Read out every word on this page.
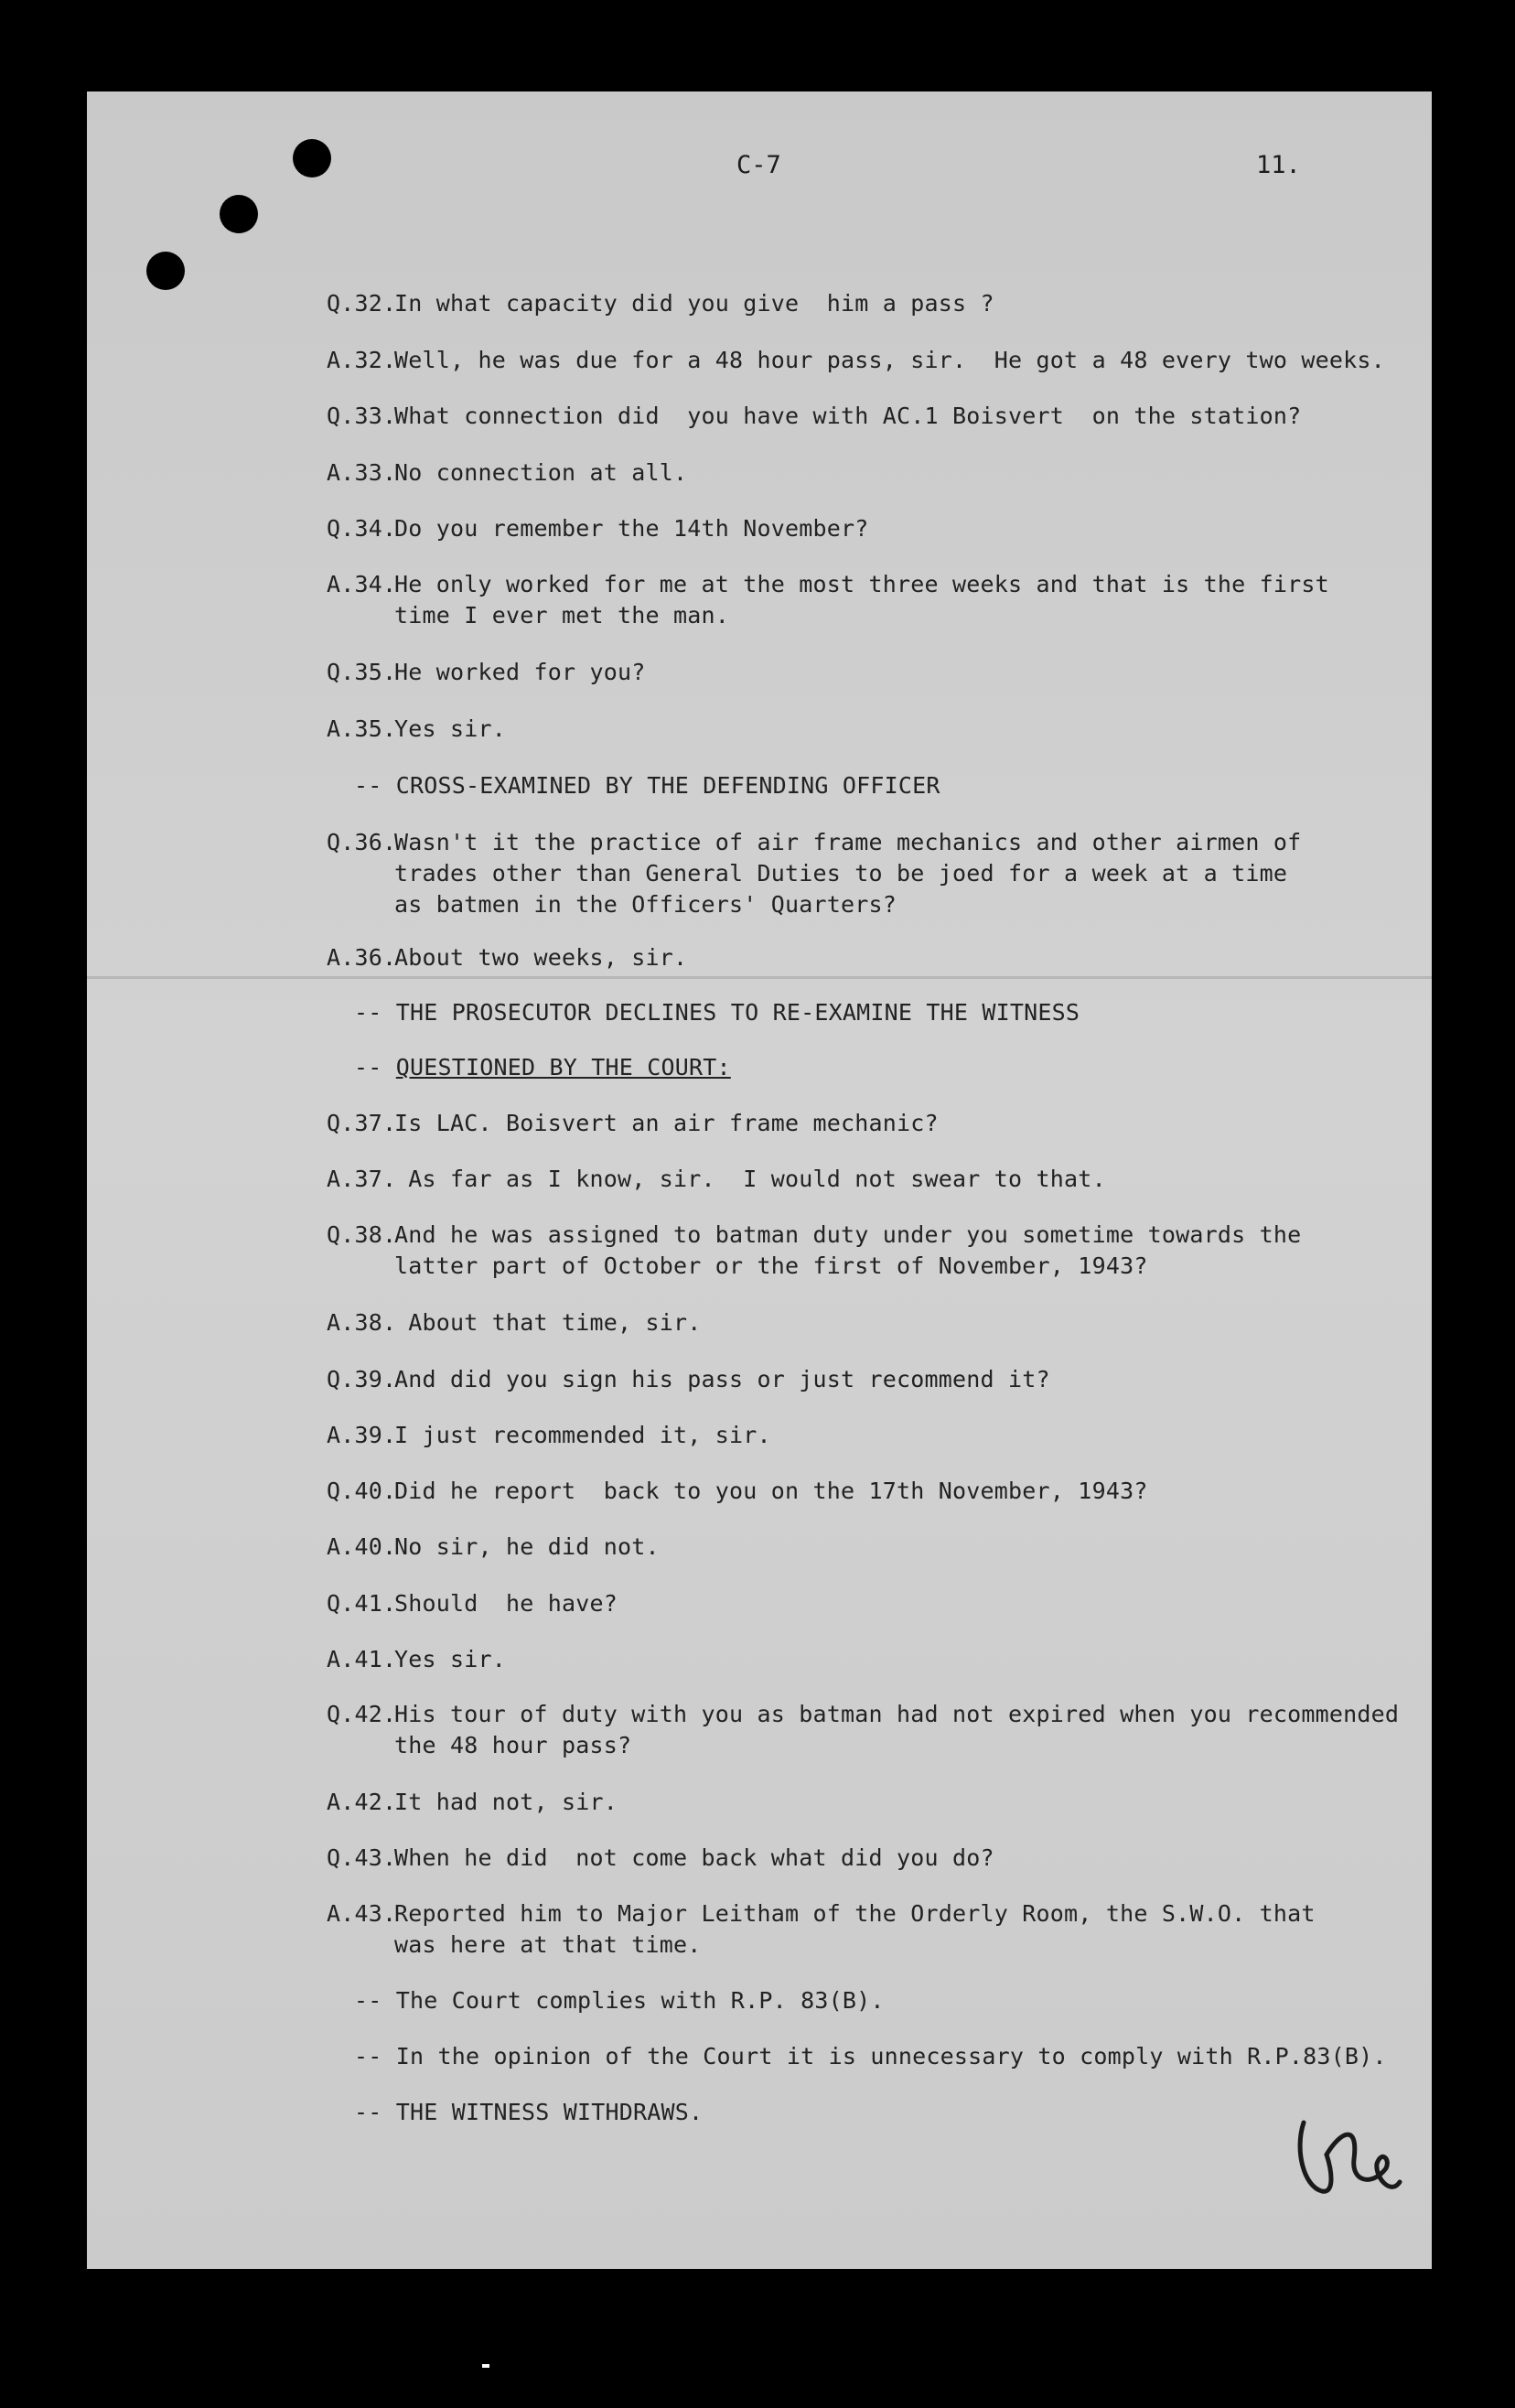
C-7	11.
Q.32.In what capacity did you give  him a pass ?
A.32.Well, he was due for a 48 hour pass, sir.  He got a 48 every two weeks.
Q.33.What connection did  you have with AC.1 Boisvert  on the station?
A.33.No connection at all.
Q.34.Do you remember the 14th November?
A.34.He only worked for me at the most three weeks and that is the first
time I ever met the man.
Q.35.He worked for you?
A.35.Yes sir.
-- CROSS-EXAMINED BY THE DEFENDING OFFICER
Q.36.Wasn't it the practice of air frame mechanics and other airmen of
trades other than General Duties to be joed for a week at a time
as batmen in the Officers' Quarters?
A.36.About two weeks, sir.
-- THE PROSECUTOR DECLINES TO RE-EXAMINE THE WITNESS
-- QUESTIONED BY THE COURT:
Q.37.Is LAC. Boisvert an air frame mechanic?
A.37. As far as I know, sir.  I would not swear to that.
Q.38.And he was assigned to batman duty under you sometime towards the
latter part of October or the first of November, 1943?
A.38. About that time, sir.
Q.39.And did you sign his pass or just recommend it?
A.39.I just recommended it, sir.
Q.40.Did he report  back to you on the 17th November, 1943?
A.40.No sir, he did not.
Q.41.Should  he have?
A.41.Yes sir.
Q.42.His tour of duty with you as batman had not expired when you recommended
the 48 hour pass?
A.42.It had not, sir.
Q.43.When he did  not come back what did you do?
A.43.Reported him to Major Leitham of the Orderly Room, the S.W.O. that
was here at that time.
-- The Court complies with R.P. 83(B).
-- In the opinion of the Court it is unnecessary to comply with R.P.83(B).
-- THE WITNESS WITHDRAWS.
